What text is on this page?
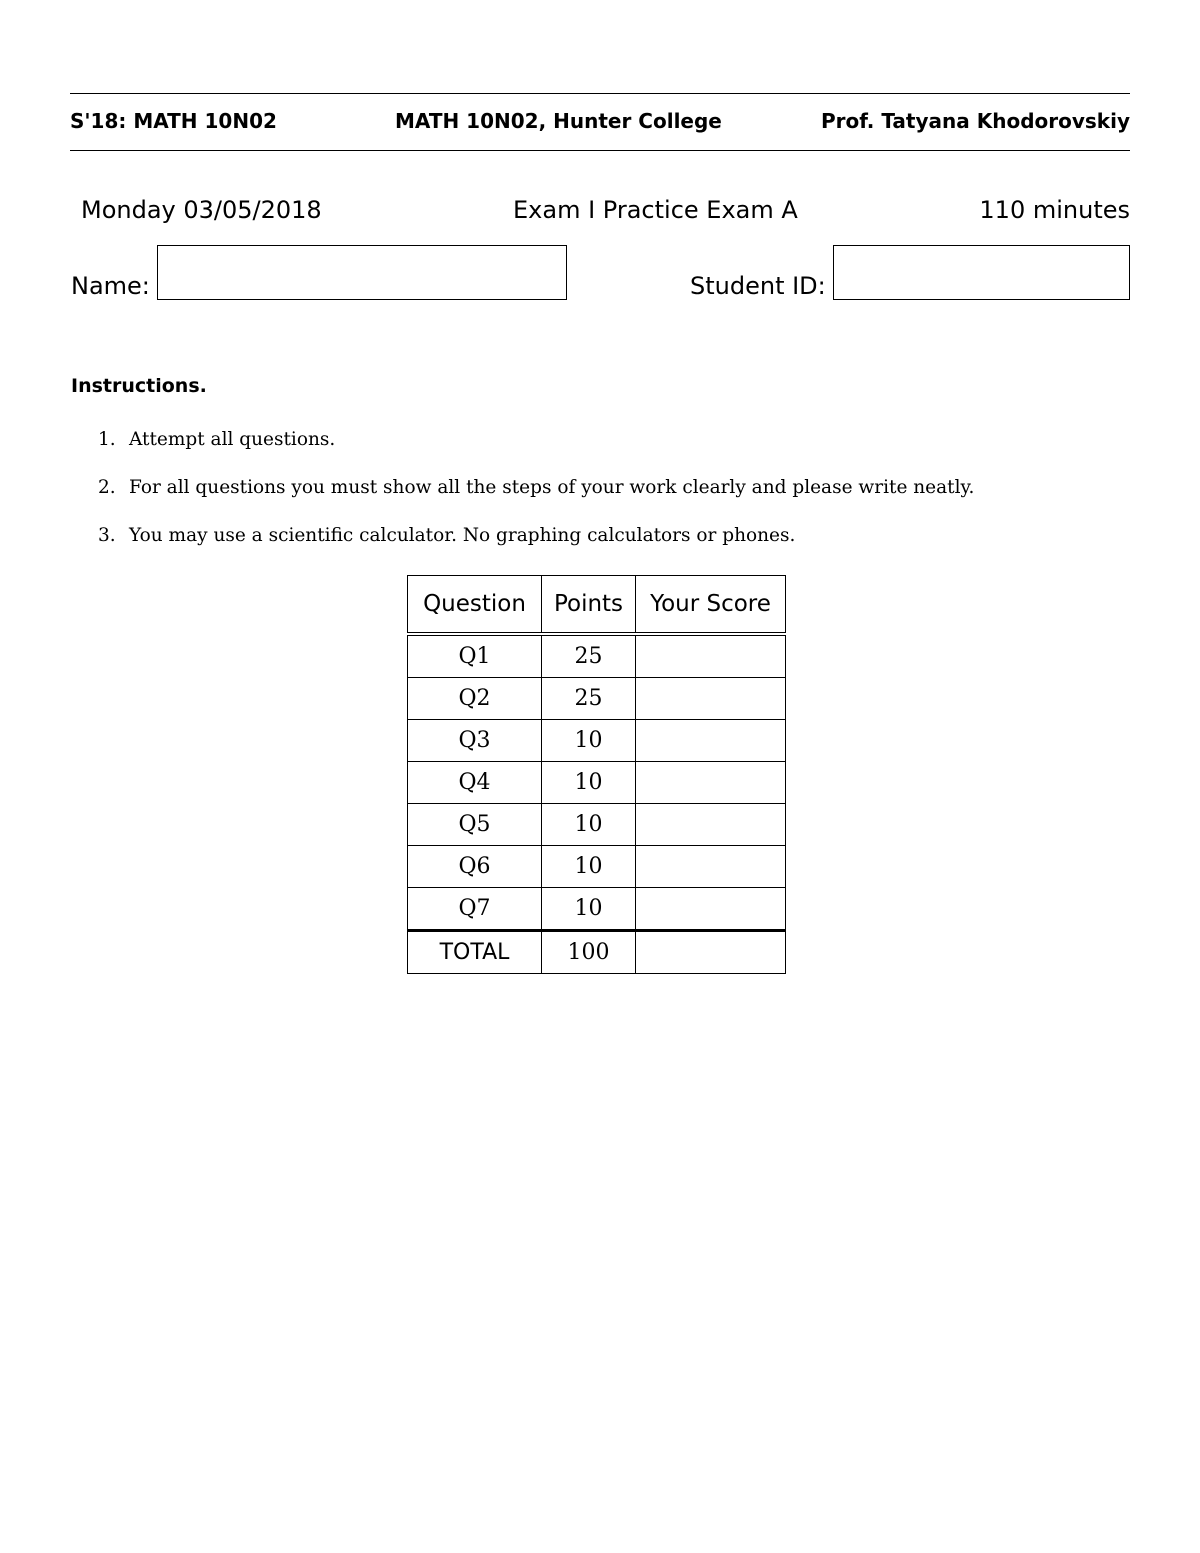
S'18: MATH 10N02	MATH 10N02, Hunter College	Prof. Tatyana Khodorovskiy
Monday 03/05/2018	Exam I Practice Exam A	110 minutes
Name:	Student ID:
Instructions.
1. Attempt all questions.
2. For all questions you must show all the steps of your work clearly and please write neatly.
3. You may use a scientific calculator. No graphing calculators or phones.
Question	Points	Your Score
Q1	25	
Q2	25	
Q3	10	
Q4	10	
Q5	10	
Q6	10	
Q7	10	
TOTAL	100	
